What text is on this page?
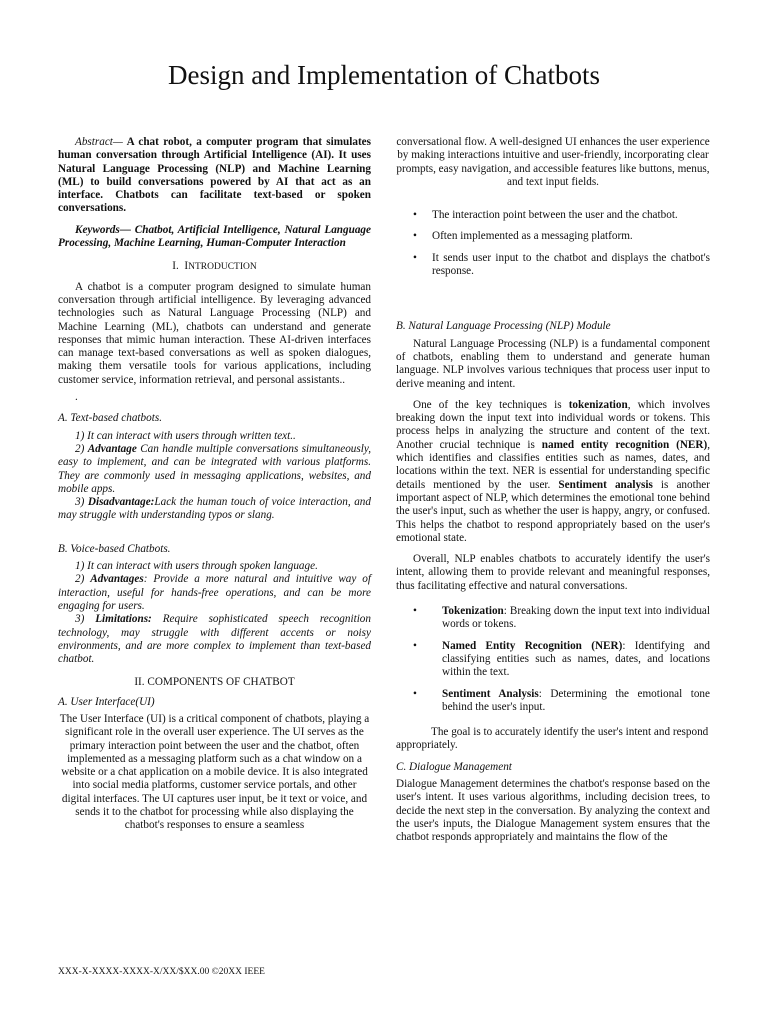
Design and Implementation of Chatbots

Abstract— A chat robot, a computer program that simulates human conversation through Artificial Intelligence (AI). It uses Natural Language Processing (NLP) and Machine Learning (ML) to build conversations powered by AI that act as an interface. Chatbots can facilitate text-based or spoken conversations.

Keywords— Chatbot, Artificial Intelligence, Natural Language Processing, Machine Learning, Human-Computer Interaction

I. INTRODUCTION

A chatbot is a computer program designed to simulate human conversation through artificial intelligence. By leveraging advanced technologies such as Natural Language Processing (NLP) and Machine Learning (ML), chatbots can understand and generate responses that mimic human interaction. These AI-driven interfaces can manage text-based conversations as well as spoken dialogues, making them versatile tools for various applications, including customer service, information retrieval, and personal assistants..

.

A. Text-based chatbots.

1) It can interact with users through written text..

2) Advantage Can handle multiple conversations simultaneously, easy to implement, and can be integrated with various platforms. They are commonly used in messaging applications, websites, and mobile apps.

3) Disadvantage:Lack the human touch of voice interaction, and may struggle with understanding typos or slang.

B. Voice-based Chatbots.

1) It can interact with users through spoken language.

2) Advantages: Provide a more natural and intuitive way of interaction, useful for hands-free operations, and can be more engaging for users.

3) Limitations: Require sophisticated speech recognition technology, may struggle with different accents or noisy environments, and are more complex to implement than text-based chatbot.

II. COMPONENTS OF CHATBOT
A. User Interface(UI)

The User Interface (UI) is a critical component of chatbots, playing a significant role in the overall user experience. The UI serves as the primary interaction point between the user and the chatbot, often implemented as a messaging platform such as a chat window on a website or a chat application on a mobile device. It is also integrated into social media platforms, customer service portals, and other digital interfaces. The UI captures user input, be it text or voice, and sends it to the chatbot for processing while also displaying the chatbot's responses to ensure a seamless

conversational flow. A well-designed UI enhances the user experience by making interactions intuitive and user-friendly, incorporating clear prompts, easy navigation, and accessible features like buttons, menus, and text input fields.

• The interaction point between the user and the chatbot.
• Often implemented as a messaging platform.
• It sends user input to the chatbot and displays the chatbot's response.
B. Natural Language Processing (NLP) Module

Natural Language Processing (NLP) is a fundamental component of chatbots, enabling them to understand and generate human language. NLP involves various techniques that process user input to derive meaning and intent.

One of the key techniques is tokenization, which involves breaking down the input text into individual words or tokens. This process helps in analyzing the structure and content of the text. Another crucial technique is named entity recognition (NER), which identifies and classifies entities such as names, dates, and locations within the text. NER is essential for understanding specific details mentioned by the user. Sentiment analysis is another important aspect of NLP, which determines the emotional tone behind the user's input, such as whether the user is happy, angry, or confused. This helps the chatbot to respond appropriately based on the user's emotional state.

Overall, NLP enables chatbots to accurately identify the user's intent, allowing them to provide relevant and meaningful responses, thus facilitating effective and natural conversations.

• Tokenization: Breaking down the input text into individual words or tokens.
• Named Entity Recognition (NER): Identifying and classifying entities such as names, dates, and locations within the text.
• Sentiment Analysis: Determining the emotional tone behind the user's input.

The goal is to accurately identify the user's intent and respond appropriately.

C. Dialogue Management

Dialogue Management determines the chatbot's response based on the user's intent. It uses various algorithms, including decision trees, to decide the next step in the conversation. By analyzing the context and the user's inputs, the Dialogue Management system ensures that the chatbot responds appropriately and maintains the flow of the

XXX-X-XXXX-XXXX-X/XX/$XX.00 ©20XX IEEE
